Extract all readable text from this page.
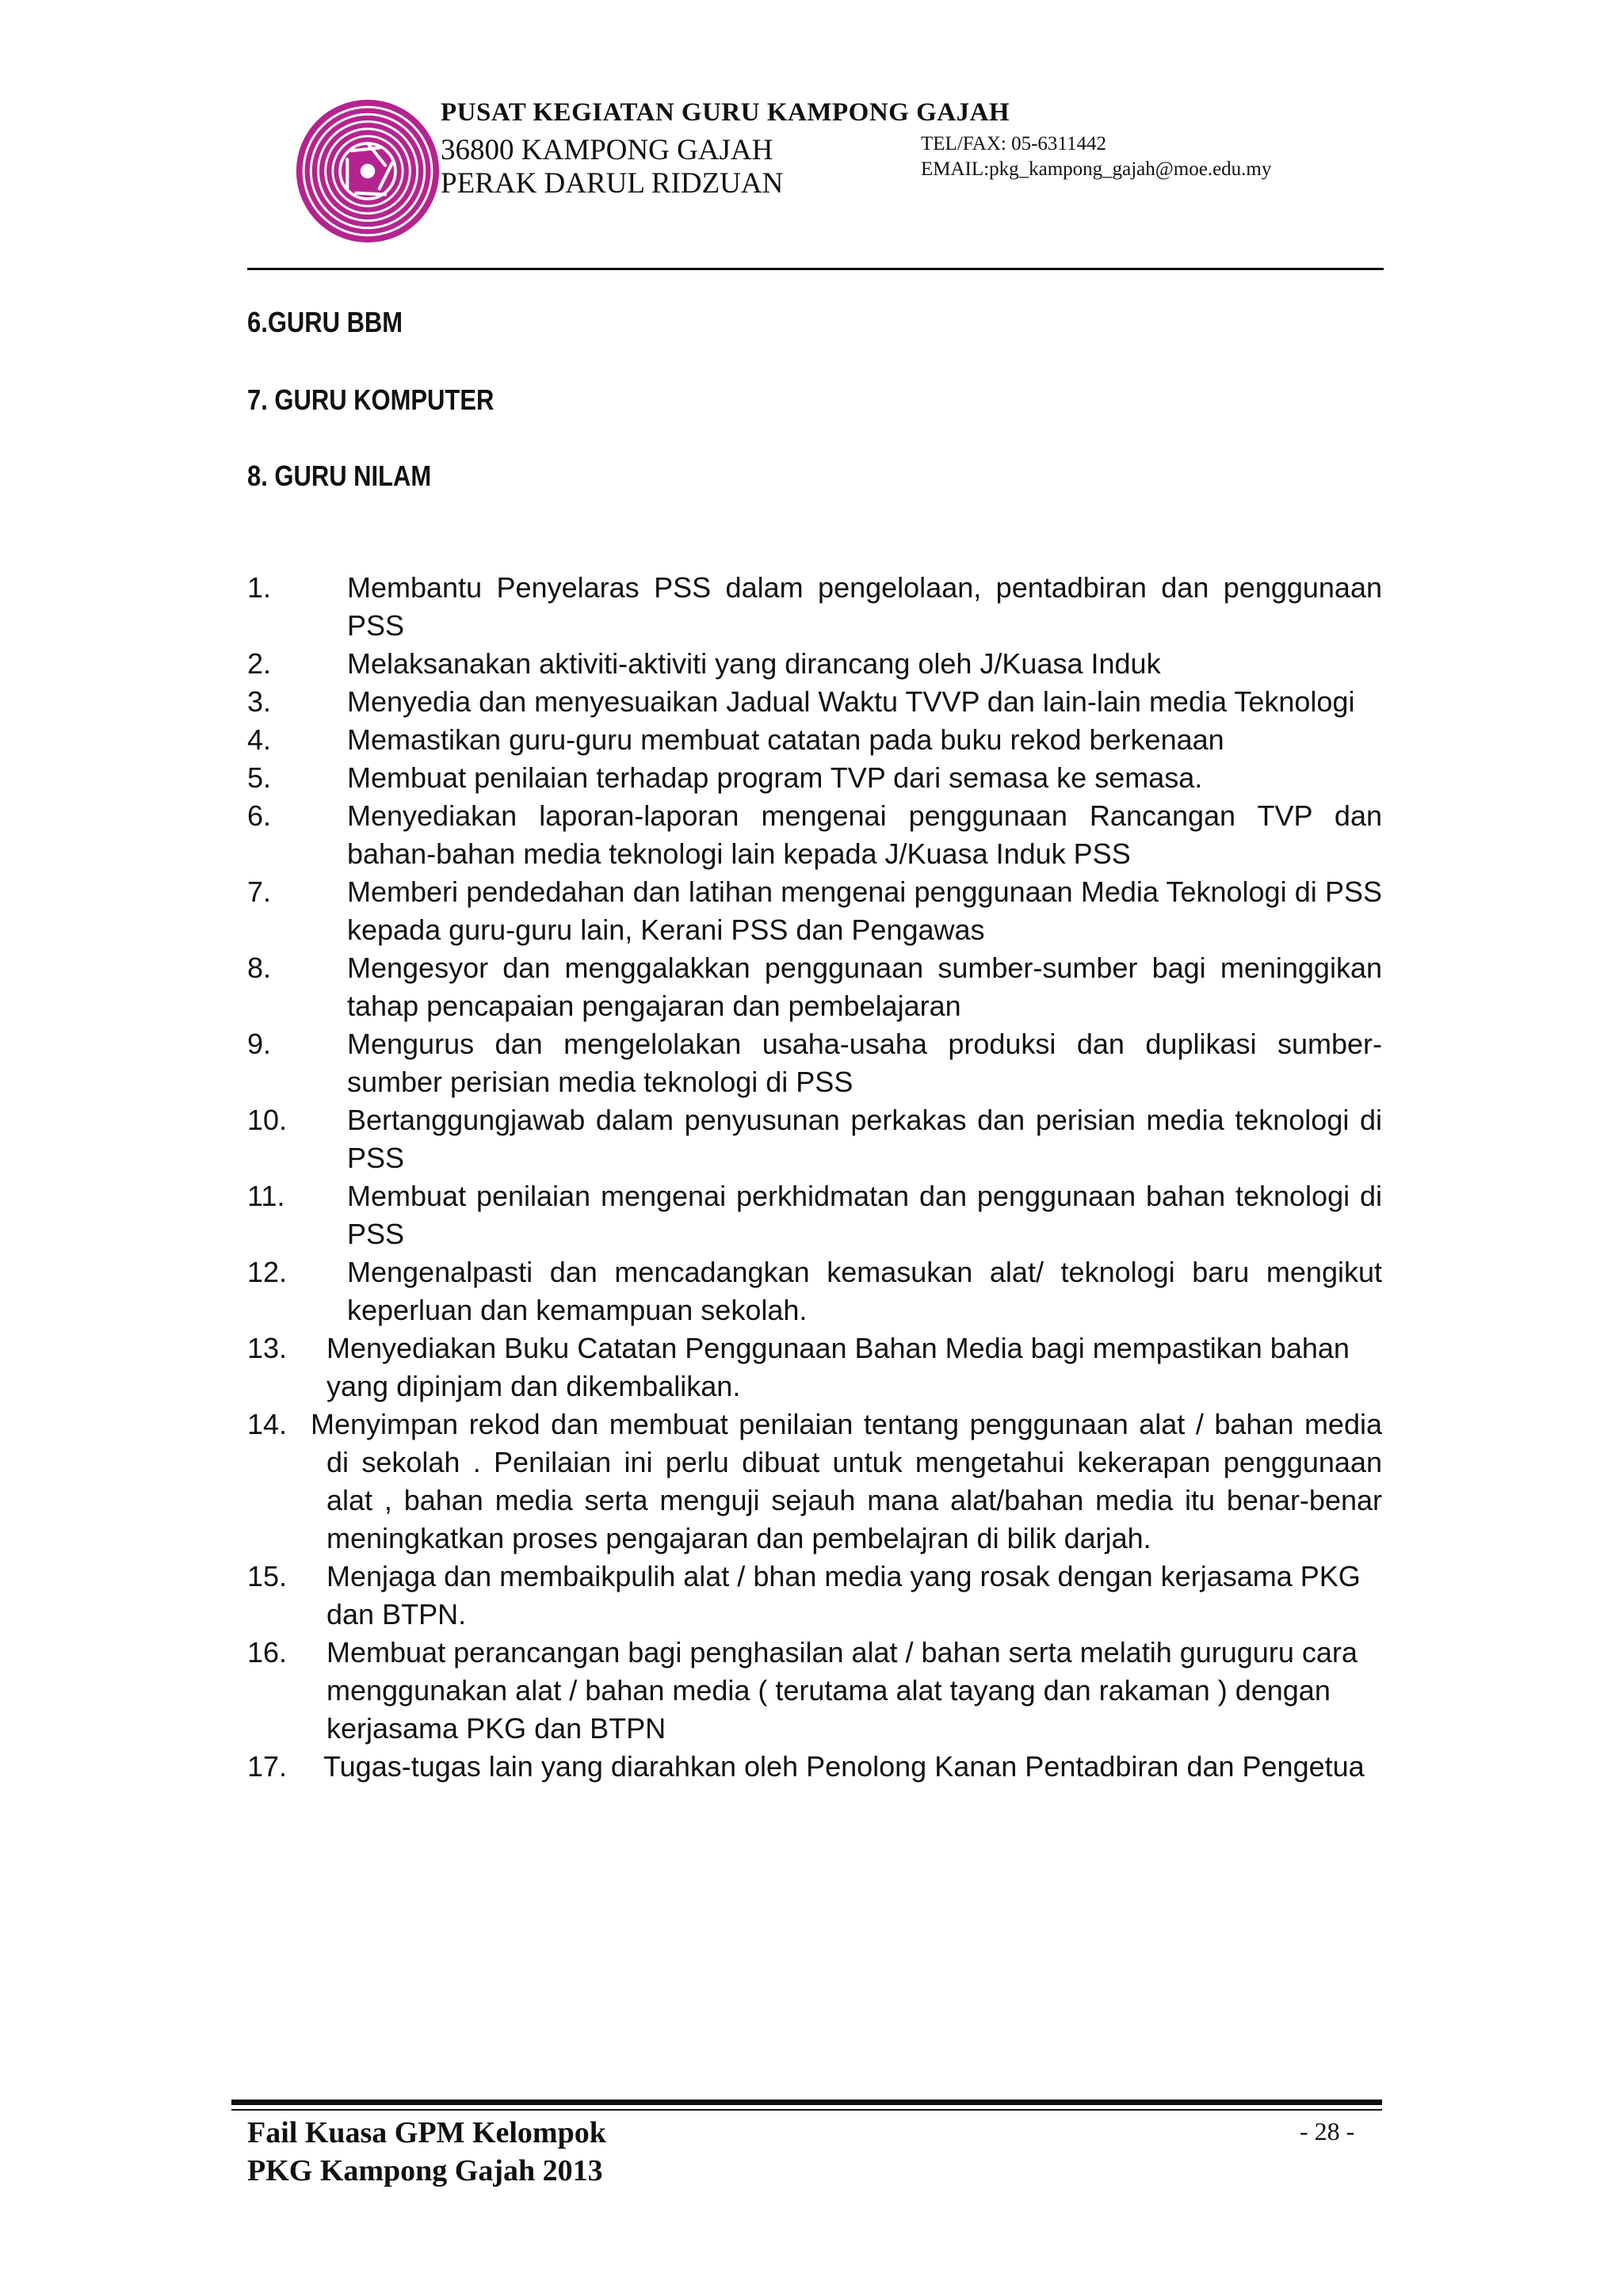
PUSAT KEGIATAN GURU KAMPONG GAJAH
36800 KAMPONG GAJAH
PERAK DARUL RIDZUAN
TEL/FAX: 05-6311442
EMAIL:pkg_kampong_gajah@moe.edu.my
6.GURU BBM
7. GURU KOMPUTER
8. GURU NILAM
1.	Membantu Penyelaras PSS dalam pengelolaan, pentadbiran dan penggunaan PSS
2.	Melaksanakan aktiviti-aktiviti yang dirancang oleh J/Kuasa Induk
3.	Menyedia dan menyesuaikan Jadual Waktu TVVP dan lain-lain media Teknologi
4.	Memastikan guru-guru membuat catatan pada buku rekod berkenaan
5.	Membuat penilaian terhadap program TVP dari semasa ke semasa.
6.	Menyediakan laporan-laporan mengenai penggunaan Rancangan TVP dan bahan-bahan media teknologi lain kepada J/Kuasa Induk PSS
7.	Memberi pendedahan dan latihan mengenai penggunaan Media Teknologi di PSS kepada guru-guru lain, Kerani PSS dan Pengawas
8.	Mengesyor dan menggalakkan penggunaan sumber-sumber bagi meninggikan tahap pencapaian pengajaran dan pembelajaran
9.	Mengurus dan mengelolakan usaha-usaha produksi dan duplikasi sumber-sumber perisian media teknologi di PSS
10. Bertanggungjawab dalam penyusunan perkakas dan perisian media teknologi di PSS
11. Membuat penilaian mengenai perkhidmatan dan penggunaan bahan teknologi di PSS
12. Mengenalpasti dan mencadangkan kemasukan alat/ teknologi baru mengikut keperluan dan kemampuan sekolah.
13. Menyediakan Buku Catatan Penggunaan Bahan Media bagi mempastikan bahan yang dipinjam dan dikembalikan.
14. Menyimpan rekod dan membuat penilaian tentang penggunaan alat / bahan media di sekolah . Penilaian ini perlu dibuat untuk mengetahui kekerapan penggunaan alat , bahan media serta menguji sejauh mana alat/bahan media itu benar-benar meningkatkan proses pengajaran dan pembelajran di bilik darjah.
15. Menjaga dan membaikpulih alat / bhan media yang rosak dengan kerjasama PKG dan BTPN.
16. Membuat perancangan bagi penghasilan alat / bahan serta melatih guruguru cara menggunakan alat / bahan media ( terutama alat tayang dan rakaman ) dengan kerjasama PKG dan BTPN
17. Tugas-tugas lain yang diarahkan oleh Penolong Kanan Pentadbiran dan Pengetua
Fail Kuasa GPM Kelompok
PKG Kampong Gajah 2013
- 28 -
